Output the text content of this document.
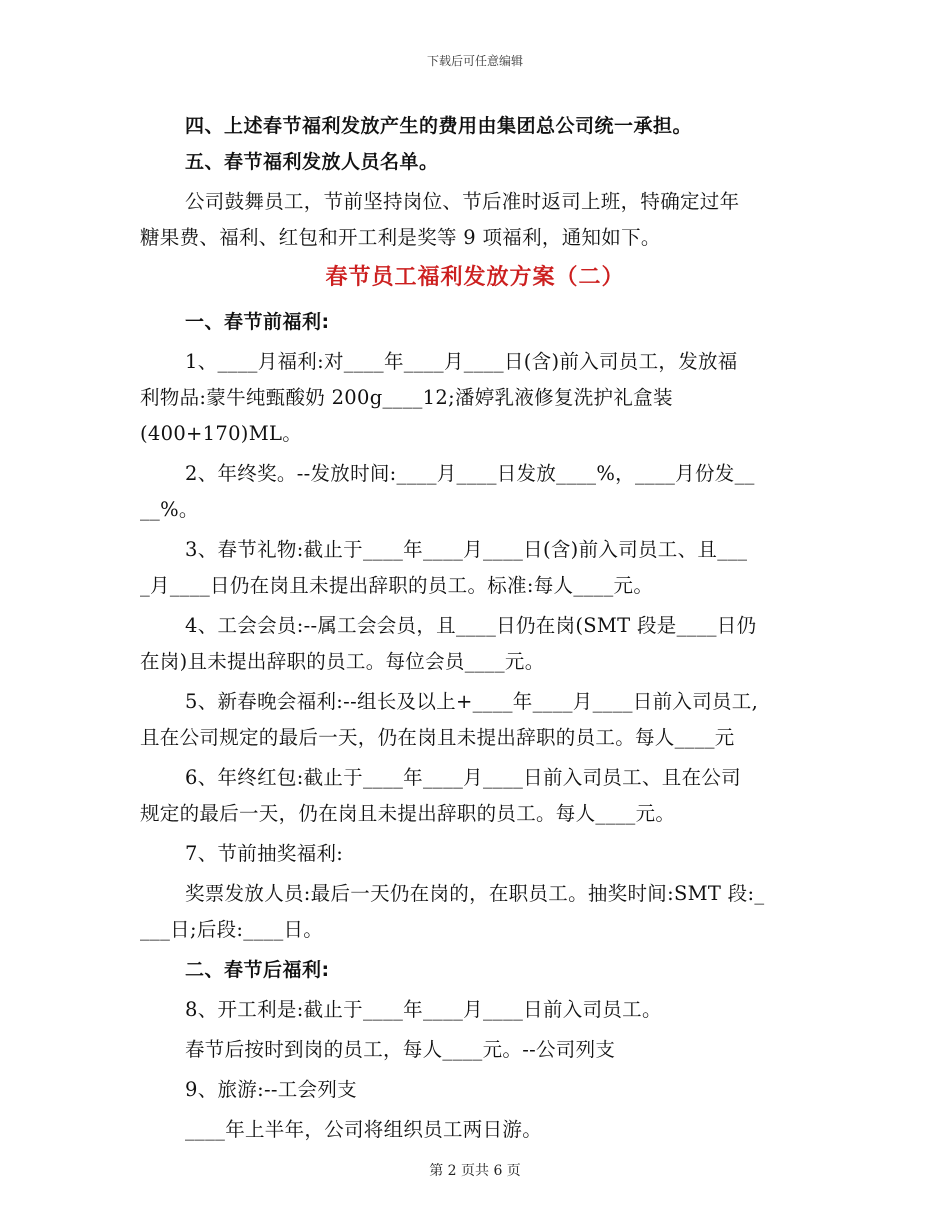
下载后可任意编辑
四、上述春节福利发放产生的费用由集团总公司统一承担。
五、春节福利发放人员名单。
公司鼓舞员工，节前坚持岗位、节后准时返司上班，特确定过年
糖果费、福利、红包和开工利是奖等 9 项福利，通知如下。
春节员工福利发放方案（二）
一、春节前福利:
1、____月福利:对____年____月____日(含)前入司员工，发放福
利物品:蒙牛纯甄酸奶 200g____12;潘婷乳液修复洗护礼盒装
(400+170)ML。
2、年终奖。--发放时间:____月____日发放____%，____月份发__
__%。
3、春节礼物:截止于____年____月____日(含)前入司员工、且___
_月____日仍在岗且未提出辞职的员工。标准:每人____元。
4、工会会员:--属工会会员，且____日仍在岗(SMT 段是____日仍
在岗)且未提出辞职的员工。每位会员____元。
5、新春晚会福利:--组长及以上+____年____月____日前入司员工,
且在公司规定的最后一天，仍在岗且未提出辞职的员工。每人____元
6、年终红包:截止于____年____月____日前入司员工、且在公司
规定的最后一天，仍在岗且未提出辞职的员工。每人____元。
7、节前抽奖福利:
奖票发放人员:最后一天仍在岗的，在职员工。抽奖时间:SMT 段:_
___日;后段:____日。
二、春节后福利:
8、开工利是:截止于____年____月____日前入司员工。
春节后按时到岗的员工，每人____元。--公司列支
9、旅游:--工会列支
____年上半年，公司将组织员工两日游。
第 2 页共 6 页
